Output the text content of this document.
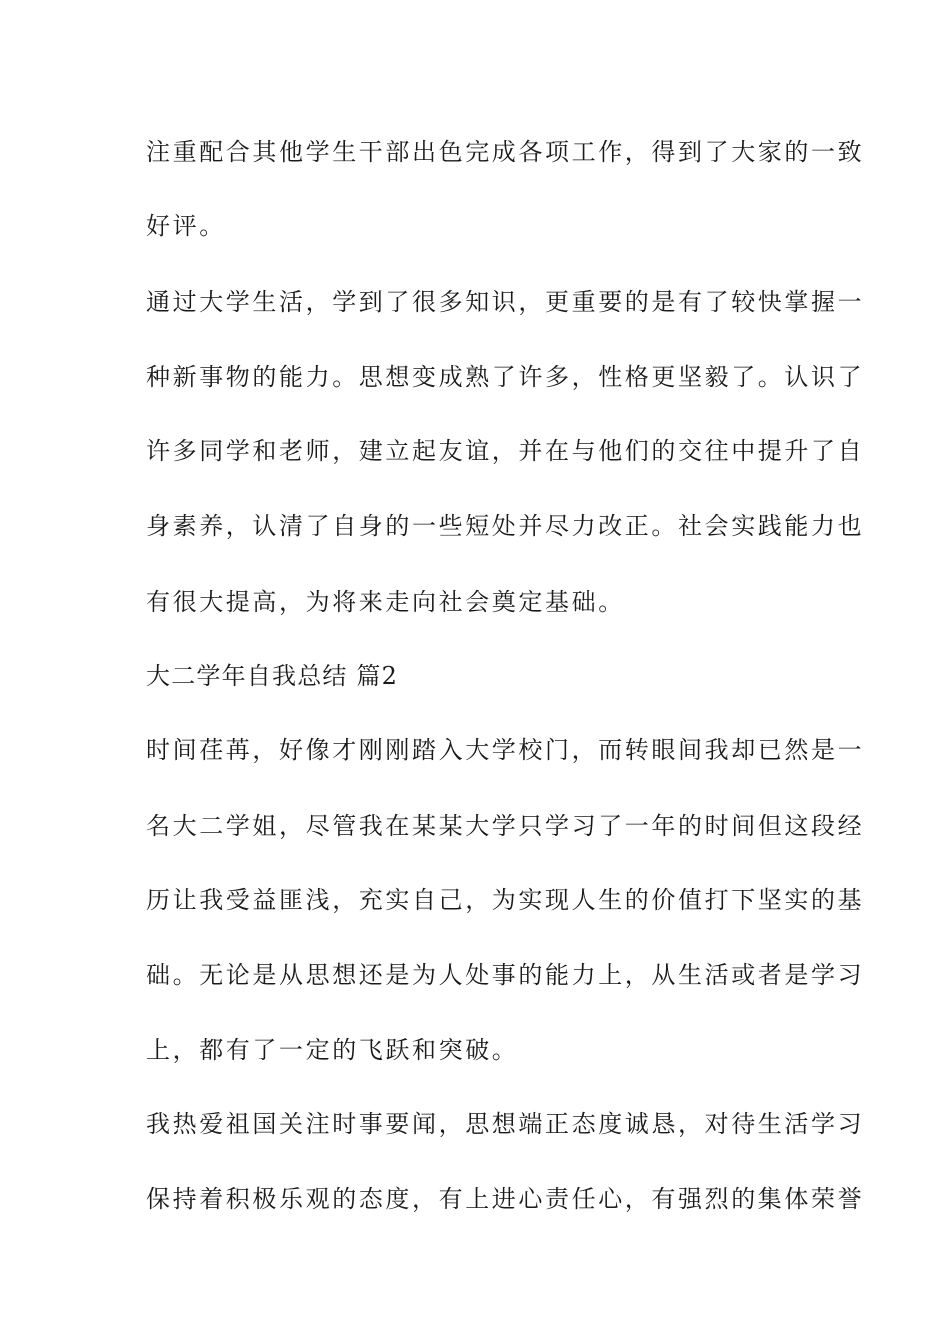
注重配合其他学生干部出色完成各项工作，得到了大家的一致
好评。
通过大学生活，学到了很多知识，更重要的是有了较快掌握一
种新事物的能力。思想变成熟了许多，性格更坚毅了。认识了
许多同学和老师，建立起友谊，并在与他们的交往中提升了自
身素养，认清了自身的一些短处并尽力改正。社会实践能力也
有很大提高，为将来走向社会奠定基础。
大二学年自我总结 篇2
时间荏苒，好像才刚刚踏入大学校门，而转眼间我却已然是一
名大二学姐，尽管我在某某大学只学习了一年的时间但这段经
历让我受益匪浅，充实自己，为实现人生的价值打下坚实的基
础。无论是从思想还是为人处事的能力上，从生活或者是学习
上，都有了一定的飞跃和突破。
我热爱祖国关注时事要闻，思想端正态度诚恳，对待生活学习
保持着积极乐观的态度，有上进心责任心，有强烈的集体荣誉
